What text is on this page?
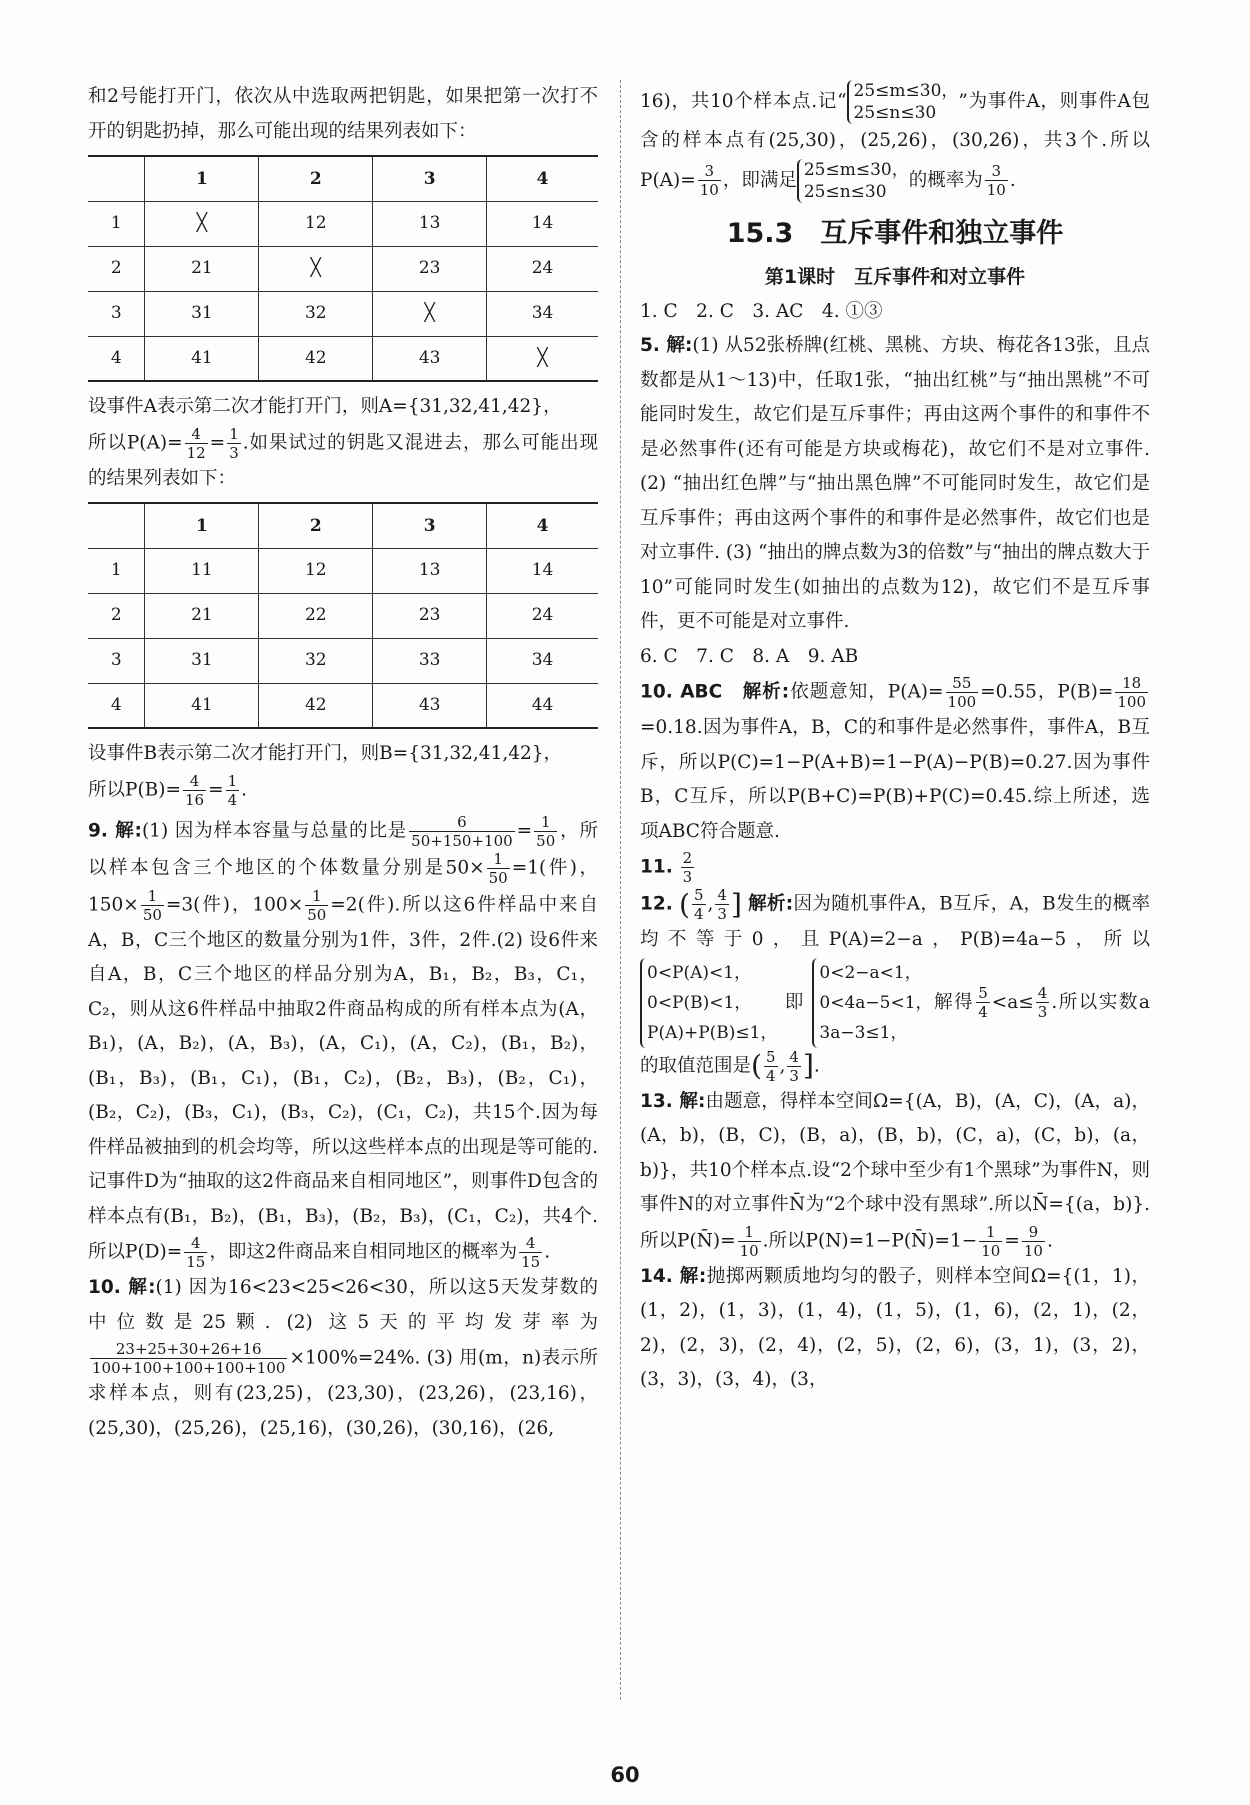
和2号能打开门，依次从中选取两把钥匙，如果把第一次打不开的钥匙扔掉，那么可能出现的结果列表如下：

	1	2	3	4
1	╳	12	13	14
2	21	╳	23	24
3	31	32	╳	34
4	41	42	43	╳

设事件A表示第二次才能打开门，则A={31,32,41,42}，

所以$P(A)= \frac{4}{12} = \frac{1}{3}$ .如果试过的钥匙又混进去，那么可能出现的结果列表如下：

	1	2	3	4
1	11	12	13	14
2	21	22	23	24
3	31	32	33	34
4	41	42	43	44

设事件B表示第二次才能打开门，则B={31,32,41,42}，

所以$P(B)= \frac{4}{16} = \frac{1}{4}$ .

9. 解:(1) 因为样本容量与总量的比是 $\frac{6}{50+150+100} = \frac{1}{50}$ ，所以样本包含三个地区的个体数量分别是$50\times \frac{1}{50} =1$(件)，$150\times \frac{1}{50} =3$(件)，$100\times \frac{1}{50} =2$(件).所以这6件样品中来自A，B，C三个地区的数量分别为1件，3件，2件.(2) 设6件来自A，B，C三个地区的样品分别为A，B₁，B₂，B₃，C₁，C₂，则从这6件样品中抽取2件商品构成的所有样本点为(A，B₁)，(A，B₂)，(A，B₃)，(A，C₁)，(A，C₂)，(B₁，B₂)，(B₁，B₃)，(B₁，C₁)，(B₁，C₂)，(B₂，B₃)，(B₂，C₁)，(B₂，C₂)，(B₃，C₁)，(B₃，C₂)，(C₁，C₂)，共15个.因为每件样品被抽到的机会均等，所以这些样本点的出现是等可能的.记事件D为“抽取的这2件商品来自相同地区”，则事件D包含的样本点有(B₁，B₂)，(B₁，B₃)，(B₂，B₃)，(C₁，C₂)，共4个.所以$P(D)= \frac{4}{15}$ ，即这2件商品来自相同地区的概率为 $\frac{4}{15}$ .

10. 解:(1) 因为16<23<25<26<30，所以这5天发芽数的中位数是25颗. (2) 这5天的平均发芽率为
$\frac{23+25+30+26+16}{100+100+100+100+100} \times 100\%=24\%$. (3) 用(m，n)表示所求样本点，则有(23,25)，(23,30)，(23,26)，(23,16)，(25,30)，(25,26)，(25,16)，(30,26)，(30,16)，(26,

16)，共10个样本点.记“ 25≤m≤30，
25≤n≤30
”为事件A，则事件A包含的样本点有(25,30)，(25,26)，(30,26)，共3个.所以$P(A)= \frac{3}{10}$ ，即满足 25≤m≤30，
25≤n≤30
的概率为 $\frac{3}{10}$ .

15.3　互斥事件和独立事件
第1课时　互斥事件和对立事件

1. C　2. C　3. AC　4. ①③

5. 解:(1) 从52张桥牌(红桃、黑桃、方块、梅花各13张，且点数都是从1～13)中，任取1张，“抽出红桃”与“抽出黑桃”不可能同时发生，故它们是互斥事件；再由这两个事件的和事件不是必然事件(还有可能是方块或梅花)，故它们不是对立事件. (2) “抽出红色牌”与“抽出黑色牌”不可能同时发生，故它们是互斥事件；再由这两个事件的和事件是必然事件，故它们也是对立事件. (3) “抽出的牌点数为3的倍数”与“抽出的牌点数大于10”可能同时发生(如抽出的点数为12)，故它们不是互斥事件，更不可能是对立事件.

6. C　7. C　8. A　9. AB

10. ABC　解析:依题意知，$P(A)= \frac{55}{100} =0.55$，$P(B)= \frac{18}{100}$
=0.18.因为事件A，B，C的和事件是必然事件，事件A，B互斥，所以P(C)=1−P(A+B)=1−P(A)−P(B)=0.27.因为事件B，C互斥，所以P(B+C)=P(B)+P(C)=0.45.综上所述，选项ABC符合题意.

11. $\frac{2}{3}$

12. ( $\frac{5}{4}$ , $\frac{4}{3}$ ] 解析:因为随机事件A，B互斥，A，B发生的概率均不等于0，且P(A)=2−a，P(B)=4a−5，所以
0<P(A)<1，
0<P(B)<1，
P(A)+P(B)≤1，
即
0<2−a<1，
0<4a−5<1，
3a−3≤1，
解得 $\frac{5}{4} <a\le \frac{4}{3}$ .所以实数a的取值范围是( $\frac{5}{4}$ , $\frac{4}{3}$ ].

13. 解:由题意，得样本空间Ω={(A，B)，(A，C)，(A，a)，(A，b)，(B，C)，(B，a)，(B，b)，(C，a)，(C，b)，(a，b)}，共10个样本点.设“2个球中至少有1个黑球”为事件N，则事件N的对立事件N̄为“2个球中没有黑球”.所以N̄={(a，b)}.所以P(N̄)= $\frac{1}{10}$ .所以P(N)=1−P(N̄)=1− $\frac{1}{10} = \frac{9}{10}$ .

14. 解:抛掷两颗质地均匀的骰子，则样本空间Ω={(1，1)，(1，2)，(1，3)，(1，4)，(1，5)，(1，6)，(2，1)，(2，2)，(2，3)，(2，4)，(2，5)，(2，6)，(3，1)，(3，2)，(3，3)，(3，4)，(3，

60
